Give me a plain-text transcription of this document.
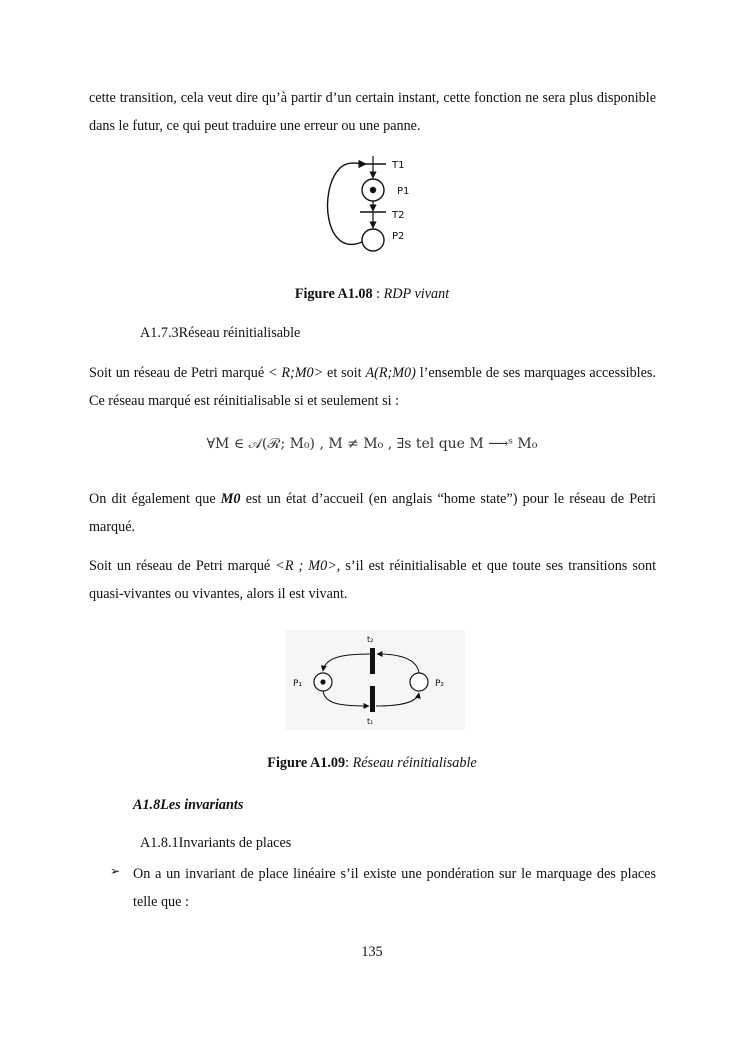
cette transition, cela veut dire qu’à partir d’un certain instant, cette fonction ne sera plus disponible dans le futur, ce qui peut traduire une erreur ou une panne.

T1
P1
T2
P2
Figure A1.08 : RDP vivant
A1.7.3Réseau réinitialisable

Soit un réseau de Petri marqué < R;M0> et soit A(R;M0) l’ensemble de ses marquages accessibles. Ce réseau marqué est réinitialisable si et seulement si :

∀M ∈ 𝒜(ℛ; M₀) , M ≠ M₀ , ∃s tel que M ⟶ˢ M₀

On dit également que M0 est un état d’accueil (en anglais “home state”) pour le réseau de Petri marqué.

Soit un réseau de Petri marqué <R ; M0>, s’il est réinitialisable et que toute ses transitions sont quasi-vivantes ou vivantes, alors il est vivant.

t₂
t₁
P₁	P₂
Figure A1.09: Réseau réinitialisable
A1.8Les invariants
A1.8.1Invariants de places
➢ On a un invariant de place linéaire s’il existe une pondération sur le marquage des places telle que :

135
